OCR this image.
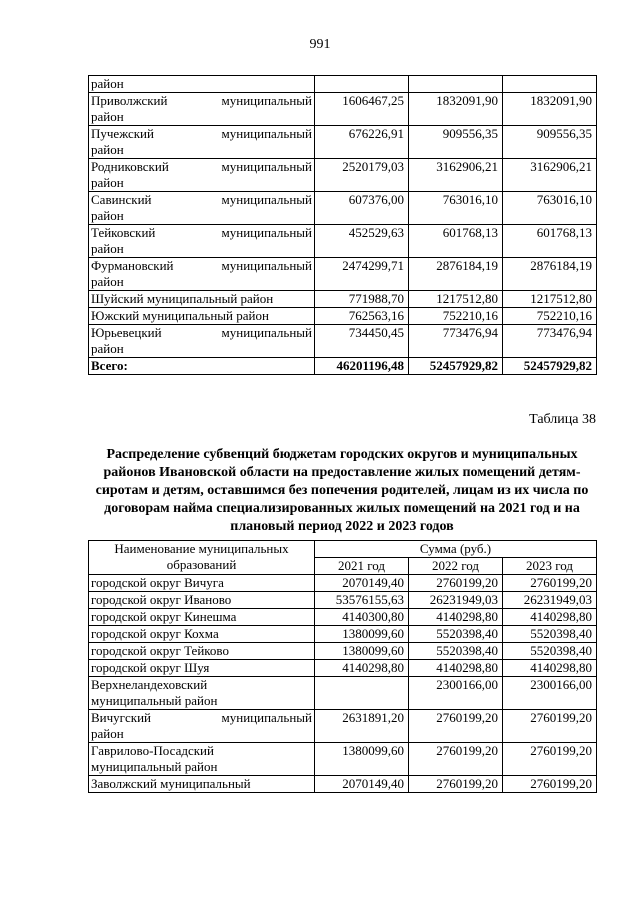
991
район			

Приволжский муниципальный
район	1606467,25	1832091,90	1832091,90

Пучежский муниципальный
район	676226,91	909556,35	909556,35

Родниковский муниципальный
район	2520179,03	3162906,21	3162906,21

Савинский муниципальный
район	607376,00	763016,10	763016,10

Тейковский муниципальный
район	452529,63	601768,13	601768,13

Фурмановский муниципальный
район	2474299,71	2876184,19	2876184,19

Шуйский муниципальный район	771988,70	1217512,80	1217512,80

Южский муниципальный район	762563,16	752210,16	752210,16

Юрьевецкий муниципальный
район	734450,45	773476,94	773476,94
Всего:	46201196,48	52457929,82	52457929,82
Таблица 38
Распределение субвенций бюджетам городских округов и муниципальных районов Ивановской области на предоставление жилых помещений детям-сиротам и детям, оставшимся без попечения родителей, лицам из их числа по договорам найма специализированных жилых помещений на 2021 год и на плановый период 2022 и 2023 годов
Наименование муниципальных образований	Сумма (руб.)		
	2021 год	2022 год	2023 год

городской округ Вичуга	2070149,40	2760199,20	2760199,20

городской округ Иваново	53576155,63	26231949,03	26231949,03

городской округ Кинешма	4140300,80	4140298,80	4140298,80

городской округ Кохма	1380099,60	5520398,40	5520398,40

городской округ Тейково	1380099,60	5520398,40	5520398,40

городской округ Шуя	4140298,80	4140298,80	4140298,80

Верхнеландеховский
муниципальный район		2300166,00	2300166,00

Вичугский муниципальный
район	2631891,20	2760199,20	2760199,20

Гаврилово-Посадский
муниципальный район	1380099,60	2760199,20	2760199,20

Заволжский муниципальный	2070149,40	2760199,20	2760199,20
